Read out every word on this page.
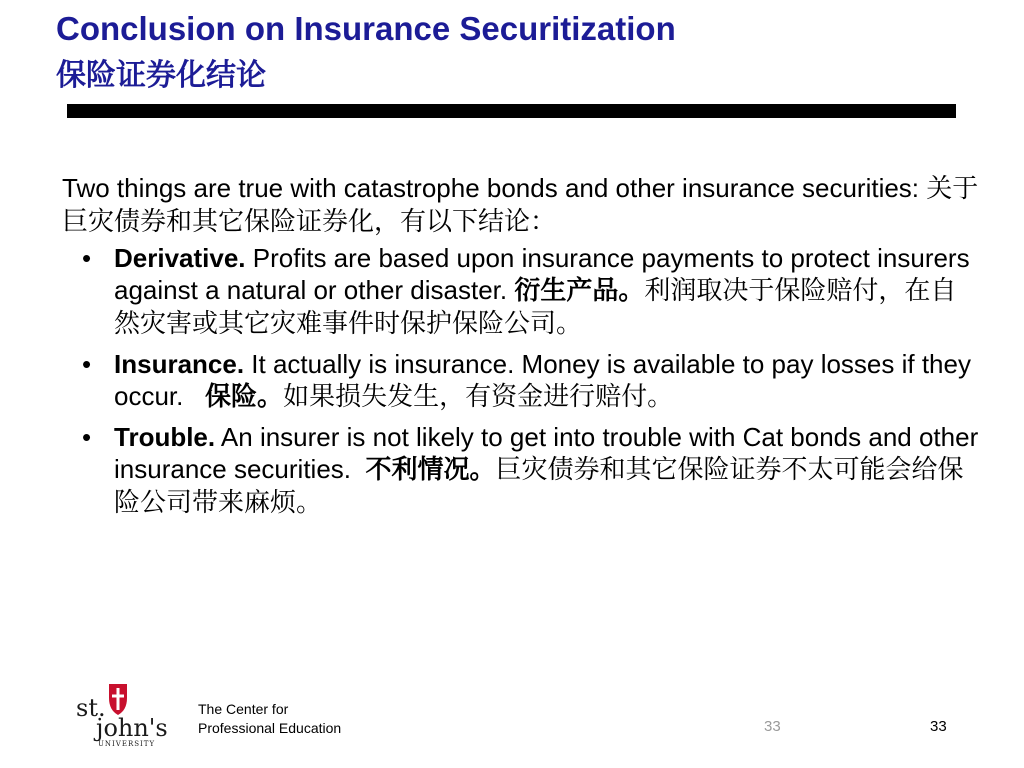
Conclusion on Insurance Securitization
保险证券化结论
Two things are true with catastrophe bonds and other insurance securities: 关于巨灾债券和其它保险证券化，有以下结论：
• Derivative. Profits are based upon insurance payments to protect insurers against a natural or other disaster. 衍生产品。利润取决于保险赔付，在自然灾害或其它灾难事件时保护保险公司。
• Insurance. It actually is insurance. Money is available to pay losses if they occur. 保险。如果损失发生，有资金进行赔付。
• Trouble. An insurer is not likely to get into trouble with Cat bonds and other insurance securities. 不利情况。巨灾债券和其它保险证券不太可能会给保险公司带来麻烦。
st.
john's
UNIVERSITY
The Center for
Professional Education	33	33
